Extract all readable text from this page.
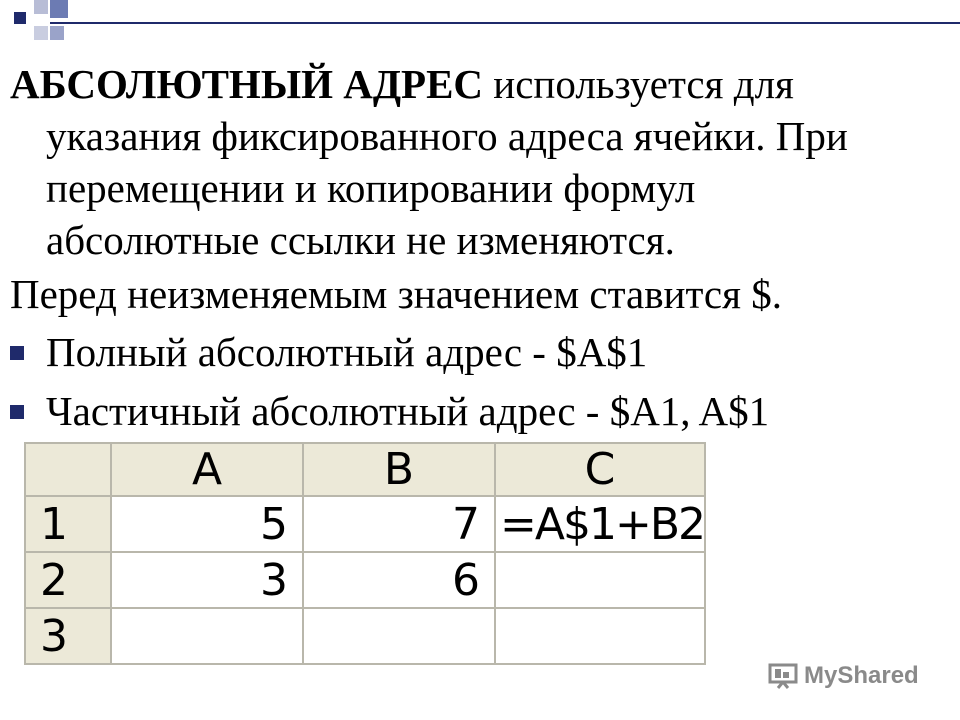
АБСОЛЮТНЫЙ АДРЕС используется для
указания фиксированного адреса ячейки. При
перемещении и копировании формул
абсолютные ссылки не изменяются.
Перед неизменяемым значением ставится $.
Полный абсолютный адрес - $A$1
Частичный абсолютный адрес - $A1, A$1
	A	B	C
1	5	7	=A$1+B2
2	3	6	
3			
MyShared
